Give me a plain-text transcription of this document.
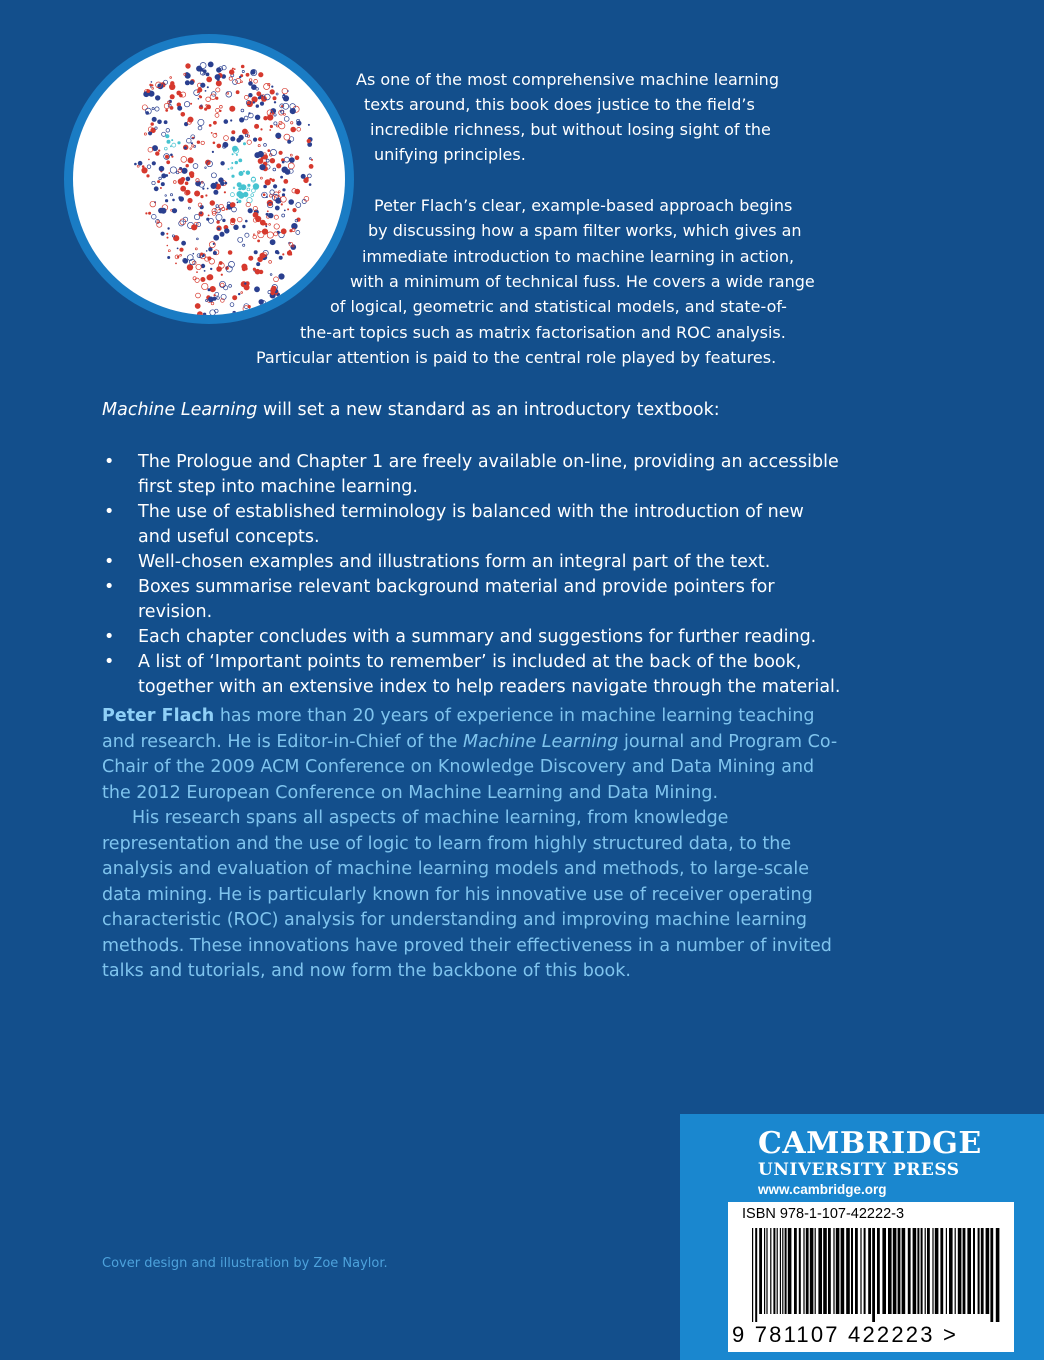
As one of the most comprehensive machine learning
texts around, this book does justice to the field’s
incredible richness, but without losing sight of the
unifying principles.
Peter Flach’s clear, example-based approach begins
by discussing how a spam filter works, which gives an
immediate introduction to machine learning in action,
with a minimum of technical fuss. He covers a wide range
of logical, geometric and statistical models, and state-of-
the-art topics such as matrix factorisation and ROC analysis.
Particular attention is paid to the central role played by features.
Machine Learning will set a new standard as an introductory textbook:
• The Prologue and Chapter 1 are freely available on-line, providing an accessible first step into machine learning.
• The use of established terminology is balanced with the introduction of new and useful concepts.
• Well-chosen examples and illustrations form an integral part of the text.
• Boxes summarise relevant background material and provide pointers for revision.
• Each chapter concludes with a summary and suggestions for further reading.
• A list of ‘Important points to remember’ is included at the back of the book, together with an extensive index to help readers navigate through the material.

Peter Flach has more than 20 years of experience in machine learning teaching and research. He is Editor-in-Chief of the Machine Learning journal and Program Co-Chair of the 2009 ACM Conference on Knowledge Discovery and Data Mining and the 2012 European Conference on Machine Learning and Data Mining.

His research spans all aspects of machine learning, from knowledge representation and the use of logic to learn from highly structured data, to the analysis and evaluation of machine learning models and methods, to large-scale data mining. He is particularly known for his innovative use of receiver operating characteristic (ROC) analysis for understanding and improving machine learning methods. These innovations have proved their effectiveness in a number of invited talks and tutorials, and now form the backbone of this book.

Cover design and illustration by Zoe Naylor.
CAMBRIDGE
UNIVERSITY PRESS
www.cambridge.org
ISBN 978-1-107-42222-3
9 781107 422223 >
